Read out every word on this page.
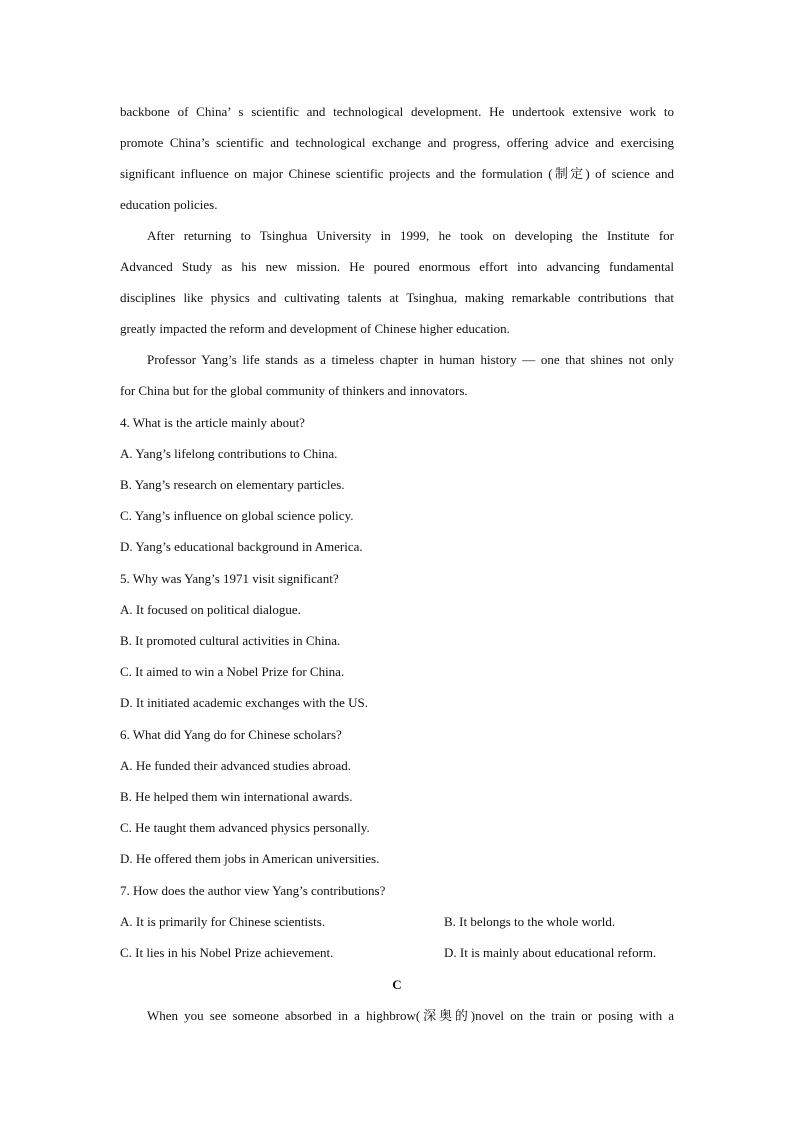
backbone of China’ s scientific and technological development. He undertook extensive work to
promote China’s scientific and technological exchange and progress, offering advice and exercising
significant influence on major Chinese scientific projects and the formulation (制定) of science and
education policies.
After returning to Tsinghua University in 1999, he took on developing the Institute for
Advanced Study as his new mission. He poured enormous effort into advancing fundamental
disciplines like physics and cultivating talents at Tsinghua, making remarkable contributions that
greatly impacted the reform and development of Chinese higher education.
Professor Yang’s life stands as a timeless chapter in human history — one that shines not only
for China but for the global community of thinkers and innovators.
4. What is the article mainly about?
A. Yang’s lifelong contributions to China.
B. Yang’s research on elementary particles.
C. Yang’s influence on global science policy.
D. Yang’s educational background in America.
5. Why was Yang’s 1971 visit significant?
A. It focused on political dialogue.
B. It promoted cultural activities in China.
C. It aimed to win a Nobel Prize for China.
D. It initiated academic exchanges with the US.
6. What did Yang do for Chinese scholars?
A. He funded their advanced studies abroad.
B. He helped them win international awards.
C. He taught them advanced physics personally.
D. He offered them jobs in American universities.
7. How does the author view Yang’s contributions?
A. It is primarily for Chinese scientists.	B. It belongs to the whole world.
C. It lies in his Nobel Prize achievement.	D. It is mainly about educational reform.
C
When you see someone absorbed in a highbrow(深奥的)novel on the train or posing with a
